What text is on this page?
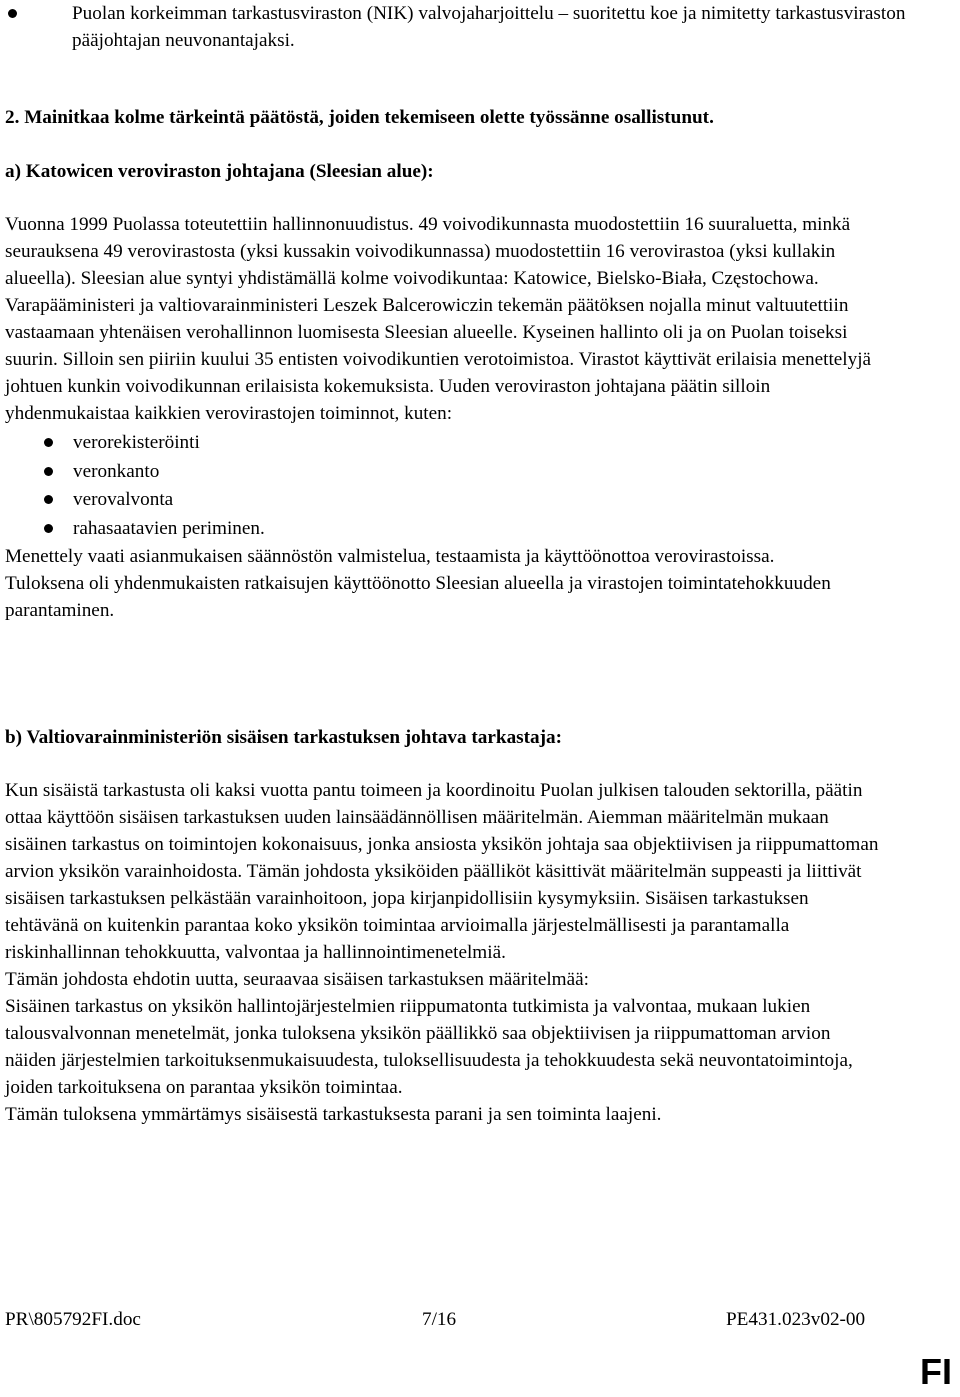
Puolan korkeimman tarkastusviraston (NIK) valvojaharjoittelu – suoritettu koe ja nimitetty tarkastusviraston pääjohtajan neuvonantajaksi.

2. Mainitkaa kolme tärkeintä päätöstä, joiden tekemiseen olette työssänne osallistunut.

a) Katowicen veroviraston johtajana (Sleesian alue):

Vuonna 1999 Puolassa toteutettiin hallinnonuudistus. 49 voivodikunnasta muodostettiin 16 suuraluetta, minkä seurauksena 49 verovirastosta (yksi kussakin voivodikunnassa) muodostettiin 16 verovirastoa (yksi kullakin alueella). Sleesian alue syntyi yhdistämällä kolme voivodikuntaa: Katowice, Bielsko-Biała, Częstochowa. Varapääministeri ja valtiovarainministeri Leszek Balcerowiczin tekemän päätöksen nojalla minut valtuutettiin vastaamaan yhtenäisen verohallinnon luomisesta Sleesian alueelle. Kyseinen hallinto oli ja on Puolan toiseksi suurin. Silloin sen piiriin kuului 35 entisten voivodikuntien verotoimistoa. Virastot käyttivät erilaisia menettelyjä johtuen kunkin voivodikunnan erilaisista kokemuksista. Uuden veroviraston johtajana päätin silloin yhdenmukaistaa kaikkien verovirastojen toiminnot, kuten:

verorekisteröinti
veronkanto
verovalvonta
rahasaatavien periminen.

Menettely vaati asianmukaisen säännöstön valmistelua, testaamista ja käyttöönottoa verovirastoissa.

Tuloksena oli yhdenmukaisten ratkaisujen käyttöönotto Sleesian alueella ja virastojen toimintatehokkuuden parantaminen.

b) Valtiovarainministeriön sisäisen tarkastuksen johtava tarkastaja:

Kun sisäistä tarkastusta oli kaksi vuotta pantu toimeen ja koordinoitu Puolan julkisen talouden sektorilla, päätin ottaa käyttöön sisäisen tarkastuksen uuden lainsäädännöllisen määritelmän. Aiemman määritelmän mukaan sisäinen tarkastus on toimintojen kokonaisuus, jonka ansiosta yksikön johtaja saa objektiivisen ja riippumattoman arvion yksikön varainhoidosta. Tämän johdosta yksiköiden päälliköt käsittivät määritelmän suppeasti ja liittivät sisäisen tarkastuksen pelkästään varainhoitoon, jopa kirjanpidollisiin kysymyksiin. Sisäisen tarkastuksen tehtävänä on kuitenkin parantaa koko yksikön toimintaa arvioimalla järjestelmällisesti ja parantamalla riskinhallinnan tehokkuutta, valvontaa ja hallinnointimenetelmiä.

Tämän johdosta ehdotin uutta, seuraavaa sisäisen tarkastuksen määritelmää:

Sisäinen tarkastus on yksikön hallintojärjestelmien riippumatonta tutkimista ja valvontaa, mukaan lukien talousvalvonnan menetelmät, jonka tuloksena yksikön päällikkö saa objektiivisen ja riippumattoman arvion näiden järjestelmien tarkoituksenmukaisuudesta, tuloksellisuudesta ja tehokkuudesta sekä neuvontatoimintoja, joiden tarkoituksena on parantaa yksikön toimintaa.

Tämän tuloksena ymmärtämys sisäisestä tarkastuksesta parani ja sen toiminta laajeni.

PR\805792FI.doc	7/16	PE431.023v02-00
FI
